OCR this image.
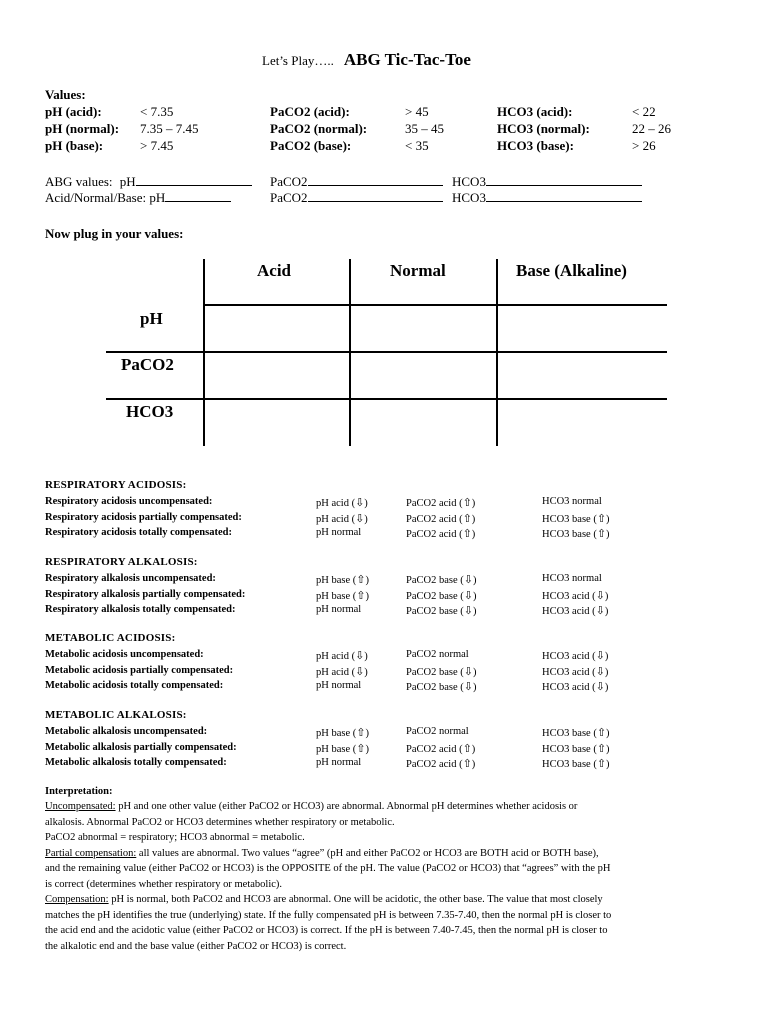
Let’s Play….. ABG Tic-Tac-Toe
Values:
pH (acid):	< 7.35	PaCO2 (acid):	> 45	HCO3 (acid):	< 22
pH (normal): 7.35 – 7.45	PaCO2 (normal):	35 – 45	HCO3 (normal):	22 – 26
pH (base):	> 7.45	PaCO2 (base):	< 35	HCO3 (base):	> 26
ABG values: pH	PaCO2	HCO3
Acid/Normal/Base: pH	PaCO2	HCO3
Now plug in your values:
Acid	Normal	Base (Alkaline)
pH
PaCO2
HCO3
RESPIRATORY ACIDOSIS:
Respiratory acidosis uncompensated:	pH acid (⇩)	PaCO2 acid (⇧)	HCO3 normal
Respiratory acidosis partially compensated:	pH acid (⇩)	PaCO2 acid (⇧)	HCO3 base (⇧)
Respiratory acidosis totally compensated:	pH normal	PaCO2 acid (⇧)	HCO3 base (⇧)
RESPIRATORY ALKALOSIS:
Respiratory alkalosis uncompensated:	pH base (⇧)	PaCO2 base (⇩)	HCO3 normal
Respiratory alkalosis partially compensated:	pH base (⇧)	PaCO2 base (⇩)	HCO3 acid (⇩)
Respiratory alkalosis totally compensated:	pH normal	PaCO2 base (⇩)	HCO3 acid (⇩)
METABOLIC ACIDOSIS:
Metabolic acidosis uncompensated:	pH acid (⇩)	PaCO2 normal	HCO3 acid (⇩)
Metabolic acidosis partially compensated:	pH acid (⇩)	PaCO2 base (⇩)	HCO3 acid (⇩)
Metabolic acidosis totally compensated:	pH normal	PaCO2 base (⇩)	HCO3 acid (⇩)
METABOLIC ALKALOSIS:
Metabolic alkalosis uncompensated:	pH base (⇧)	PaCO2 normal	HCO3 base (⇧)
Metabolic alkalosis partially compensated:	pH base (⇧)	PaCO2 acid (⇧)	HCO3 base (⇧)
Metabolic alkalosis totally compensated:	pH normal	PaCO2 acid (⇧)	HCO3 base (⇧)
Interpretation:
Uncompensated: pH and one other value (either PaCO2 or HCO3) are abnormal. Abnormal pH determines whether acidosis or
alkalosis. Abnormal PaCO2 or HCO3 determines whether respiratory or metabolic.
PaCO2 abnormal = respiratory; HCO3 abnormal = metabolic.
Partial compensation: all values are abnormal. Two values “agree” (pH and either PaCO2 or HCO3 are BOTH acid or BOTH base),
and the remaining value (either PaCO2 or HCO3) is the OPPOSITE of the pH. The value (PaCO2 or HCO3) that “agrees” with the pH
is correct (determines whether respiratory or metabolic).
Compensation: pH is normal, both PaCO2 and HCO3 are abnormal. One will be acidotic, the other base. The value that most closely
matches the pH identifies the true (underlying) state. If the fully compensated pH is between 7.35-7.40, then the normal pH is closer to
the acid end and the acidotic value (either PaCO2 or HCO3) is correct. If the pH is between 7.40-7.45, then the normal pH is closer to
the alkalotic end and the base value (either PaCO2 or HCO3) is correct.
